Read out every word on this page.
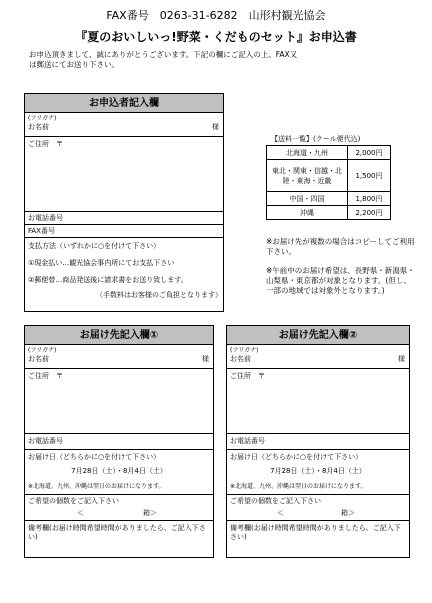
FAX番号　0263-31-6282　山形村観光協会
『夏のおいしいっ!野菜・くだものセット』お申込書
お申込頂きまして、誠にありがとうございます。下記の欄にご記入の上、FAX又
は郵送にてお送り下さい。
お申込者記入欄
(フリガナ)
お名前	様
ご住所　〒
お電話番号
FAX番号
支払方法（いずれかに○を付けて下さい）
①現金払い…観光協会事内所にてお支払下さい
②郵便替…商品発送後に請求書をお送り致します。
（手数料はお客様のご負担となります）
【送料一覧】(クール便代込)
北海道・九州	2,000円
東北・関東・信越・北陸・東海・近畿	1,500円
中国・四国	1,800円
沖縄	2,200円
※お届け先が複数の場合はコピーしてご利用下さい。
※午前中のお届け希望は、長野県・新潟県・山梨県・東京都が対象となります。(但し、一部の地域では対象外となります。)
お届け先記入欄①
(フリガナ)
お名前	様
ご住所　〒
お電話番号
お届け日（どちらかに○を付けて下さい）
7月28日（土）・8月4日（土）
※北海道、九州、沖縄は翌日のお届けになります。
ご希望の個数をご記入下さい
＜	箱＞
備考欄(お届け時間希望時間がありましたら、ご記入下さい)
お届け先記入欄②
(フリガナ)
お名前	様
ご住所　〒
お電話番号
お届け日（どちらかに○を付けて下さい）
7月28日（土）・8月4日（土）
※北海道、九州、沖縄は翌日のお届けになります。
ご希望の個数をご記入下さい
＜	箱＞
備考欄(お届け時間希望時間がありましたら、ご記入下さい)
